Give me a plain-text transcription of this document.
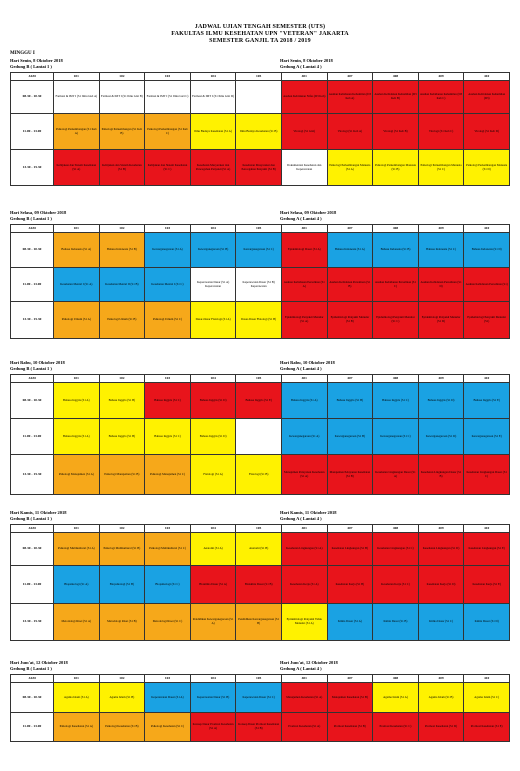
JADWAL UJIAN TENGAH SEMESTER (UTS)
FAKULTAS ILMU KESEHATAN UPN "VETERAN" JAKARTA
SEMESTER GANJIL TA 2018 / 2019
MINGGU I
Hari Senin, 8 Oktober 2018
Gedung B ( Lantai 1 )
Hari Senin, 8 Oktober 2018
Gedung A ( Lantai 4 )
JAM	101	102	103	104	105	401	407	408	409	410
08.30 - 10.30	Farmasi & IMT I (S1 Ilmu Gizi A)	Farmasi & IMT I (S1 Ilmu Gizi B)	Farmasi & IMT I (S1 Ilmu Gizi C)	Farmasi & IMT I (S1 Ilmu Gizi D)		Asuhan Kebidanan Nifas (D3 Keb)	Asuhan Kebidanan Kehamilan (D3 Keb A)	Asuhan Kebidanan Kehamilan (D3 Keb B)	Asuhan Kebidanan Kehamilan (D3 Keb C)	Asuhan Kebidanan Kehamilan (D3)
11.00 - 13.00	Psikologi Perkembangan (S1 Keb A)	Psikologi Perkembangan (S1 Keb B)	Psikologi Perkembangan (S1 Keb C)	Ilmu Budaya Kesehatan (S1 A)	Ilmu Budaya Kesehatan (S1 B)	Virologi (S1 Gizi)	Virologi (S1 Keb A)	Virologi (S1 Keb B)	Virologi (S1 Keb C)	Virologi (S1 Keb D)
13.30 - 15.30	Kebijakan dan Sistem Kesehatan (S1 A)	Kebijakan dan Sistem Kesehatan (S1 B)	Kebijakan dan Sistem Kesehatan (S1 C)	Kesehatan Masyarakat dan Pencegahan Penyakit (S1 A)	Kesehatan Masyarakat dan Pencegahan Penyakit (S1 B)	Dokumentasi Kesehatan dan Keperawatan	Psikologi Perkembangan Manusia (S1 A)	Psikologi Perkembangan Manusia (S1 B)	Psikologi Perkembangan Manusia (S1 C)	Psikologi Perkembangan Manusia (S1 D)
Hari Selasa, 09 Oktober 2018
Gedung B ( Lantai 1 )
Hari Selasa, 09 Oktober 2018
Gedung A ( Lantai 4 )
JAM	101	102	103	104	105	401	407	408	409	410
08.30 - 10.30	Bahasa Indonesia (S1 A)	Bahasa Indonesia (S1 B)	Kewarganegaraan (S1 A)	Kewarganegaraan (S1 B)	Kewarganegaraan (S1 C)	Epidemiologi Dasar (S1 A)	Bahasa Indonesia (S1 A)	Bahasa Indonesia (S1 B)	Bahasa Indonesia (S1 C)	Bahasa Indonesia (S1 D)
11.00 - 13.00	Kesehatan Mental I (S1 A)	Kesehatan Mental II (S1 B)	Kesehatan Mental I (S1 C)	Keperawatan Dasar (S1 A) Keperawatan	Keperawatan Dasar (S1 B) Keperawatan	Asuhan Kebidanan Persalinan (S1 A)	Asuhan Kebidanan Persalinan (S1 B)	Asuhan Kebidanan Persalinan (S1 C)	Asuhan Kebidanan Persalinan (S1 D)	Asuhan Kebidanan Persalinan (S1)
13.30 - 15.30	Psikologi Umum (S1 A)	Psikologi Umum (S1 B)	Psikologi Umum (S1 C)	Dasar-Dasar Fisiologi (S1 A)	Dasar-Dasar Fisiologi (S1 B)	Epidemiologi Penyakit Menular (S1 A)	Epidemiologi Penyakit Menular (S1 B)	Epidemiologi Penyakit Menular (S1 C)	Epidemiologi Penyakit Menular (S1 D)	Epidemiologi Penyakit Menular (S1)
Hari Rabu, 10 Oktober 2018
Gedung B ( Lantai 1 )
Hari Rabu, 10 Oktober 2018
Gedung A ( Lantai 4 )
JAM	101	102	103	104	105	401	407	408	409	410
08.30 - 10.30	Bahasa Inggris (S1 A)	Bahasa Inggris (S1 B)	Bahasa Inggris (S1 C)	Bahasa Inggris (S1 D)	Bahasa Inggris (S1 E)	Bahasa Inggris (S1 A)	Bahasa Inggris (S1 B)	Bahasa Inggris (S1 C)	Bahasa Inggris (S1 D)	Bahasa Inggris (S1 E)
11.00 - 13.00	Bahasa Inggris (S1 A)	Bahasa Inggris (S1 B)	Bahasa Inggris (S1 C)	Bahasa Inggris (S1 D)		Kewarganegaraan (S1 A)	Kewarganegaraan (S1 B)	Kewarganegaraan (S1 C)	Kewarganegaraan (S1 D)	Kewarganegaraan (S1 E)
13.30 - 15.30	Psikologi Manajemen (S1 A)	Psikologi Manajemen (S1 B)	Psikologi Manajemen (S1 C)	Fisiologi (S1 A)	Fisiologi (S1 B)	Manajemen Pelayanan Kesehatan (S1 A)	Manajemen Pelayanan Kesehatan (S1 B)	Kesehatan Lingkungan Dasar (S1 A)	Kesehatan Lingkungan Dasar (S1 B)	Kesehatan Lingkungan Dasar (S1 C)
Hari Kamis, 11 Oktober 2018
Gedung B ( Lantai 1 )
Hari Kamis, 11 Oktober 2018
Gedung A ( Lantai 4 )
JAM	101	102	103	104	105	401	407	408	409	410
08.30 - 10.30	Psikologi Multikultural (S1 A)	Psikologi Multikultural (S1 B)	Psikologi Multikultural (S1 C)	Anatomi (S1 A)	Anatomi (S1 B)	Kesehatan Lingkungan (S1 A)	Kesehatan Lingkungan (S1 B)	Kesehatan Lingkungan (S1 C)	Kesehatan Lingkungan (S1 D)	Kesehatan Lingkungan (S1 E)
11.00 - 13.00	Biopsikologi (S1 A)	Biopsikologi (S1 B)	Biopsikologi (S1 C)	Biokimia Dasar (S1 A)	Biokimia Dasar (S1 B)	Kesehatan Kerja (S1 A)	Kesehatan Kerja (S1 B)	Kesehatan Kerja (S1 C)	Kesehatan Kerja (S1 D)	Kesehatan Kerja (S1 E)
13.30 - 15.30	Metodologi Riset (S1 A)	Metodologi Riset (S1 B)	Metodologi Riset (S1 C)	Pendidikan Kewarganegaraan (S1 A)	Pendidikan Kewarganegaraan (S1 B)	Epidemiologi Penyakit Tidak Menular (S1 A)	Kimia Dasar (S1 A)	Kimia Dasar (S1 B)	Kimia Dasar (S1 C)	Kimia Dasar (S1 D)
Hari Jum'at, 12 Oktober 2018
Gedung B ( Lantai 1 )
Hari Jum'at, 12 Oktober 2018
Gedung A ( Lantai 4 )
JAM	101	102	103	104	105	401	407	408	409	410
08.30 - 10.30	Agama Islam (S1 A)	Agama Islam (S1 B)	Keperawatan Dasar (S1 A)	Keperawatan Dasar (S1 B)	Keperawatan Dasar (S1 C)	Manajemen Kesehatan (S1 A)	Manajemen Kesehatan (S1 B)	Agama Islam (S1 A)	Agama Islam (S1 B)	Agama Islam (S1 C)
11.00 - 13.00	Psikologi Kesehatan (S1 A)	Psikologi Kesehatan (S1 B)	Psikologi Kesehatan (S1 C)	Konsep Dasar Promosi Kesehatan (S1 A)	Konsep Dasar Promosi Kesehatan (S1 B)	Promosi Kesehatan (S1 A)	Promosi Kesehatan (S1 B)	Promosi Kesehatan (S1 C)	Promosi Kesehatan (S1 D)	Promosi Kesehatan (S1 E)
